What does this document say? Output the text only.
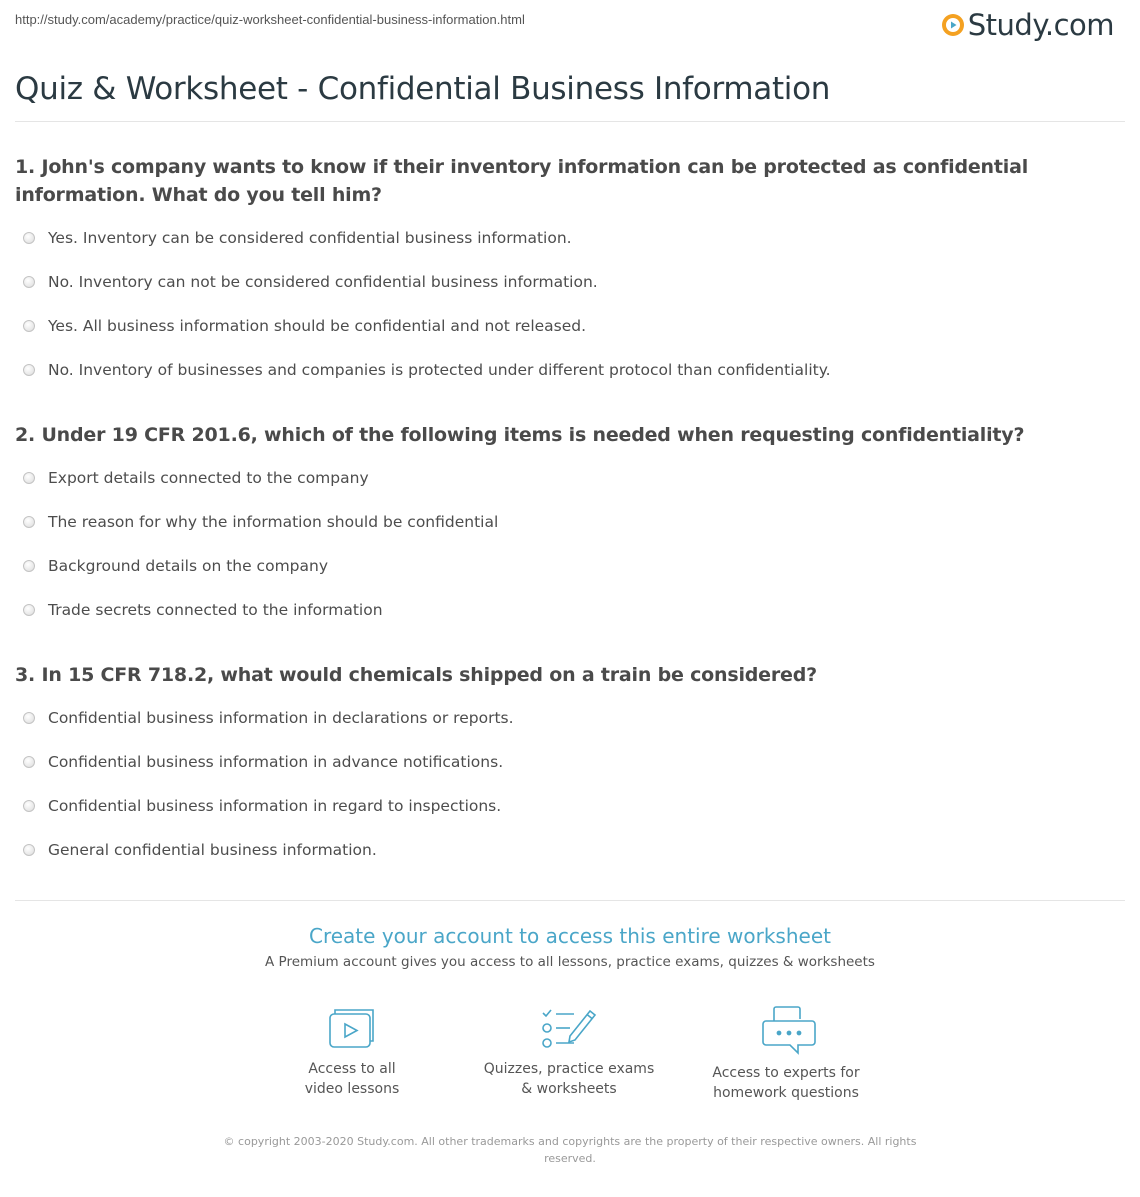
http://study.com/academy/practice/quiz-worksheet-confidential-business-information.html	Study.com
Quiz & Worksheet - Confidential Business Information

1. John's company wants to know if their inventory information can be protected as confidential information. What do you tell him?

Yes. Inventory can be considered confidential business information.
No. Inventory can not be considered confidential business information.
Yes. All business information should be confidential and not released.
No. Inventory of businesses and companies is protected under different protocol than confidentiality.

2. Under 19 CFR 201.6, which of the following items is needed when requesting confidentiality?

Export details connected to the company
The reason for why the information should be confidential
Background details on the company
Trade secrets connected to the information

3. In 15 CFR 718.2, what would chemicals shipped on a train be considered?

Confidential business information in declarations or reports.
Confidential business information in advance notifications.
Confidential business information in regard to inspections.
General confidential business information.
Create your account to access this entire worksheet
A Premium account gives you access to all lessons, practice exams, quizzes & worksheets
Access to all
video lessons
Quizzes, practice exams
& worksheets
Access to experts for
homework questions
© copyright 2003-2020 Study.com. All other trademarks and copyrights are the property of their respective owners. All rights reserved.
